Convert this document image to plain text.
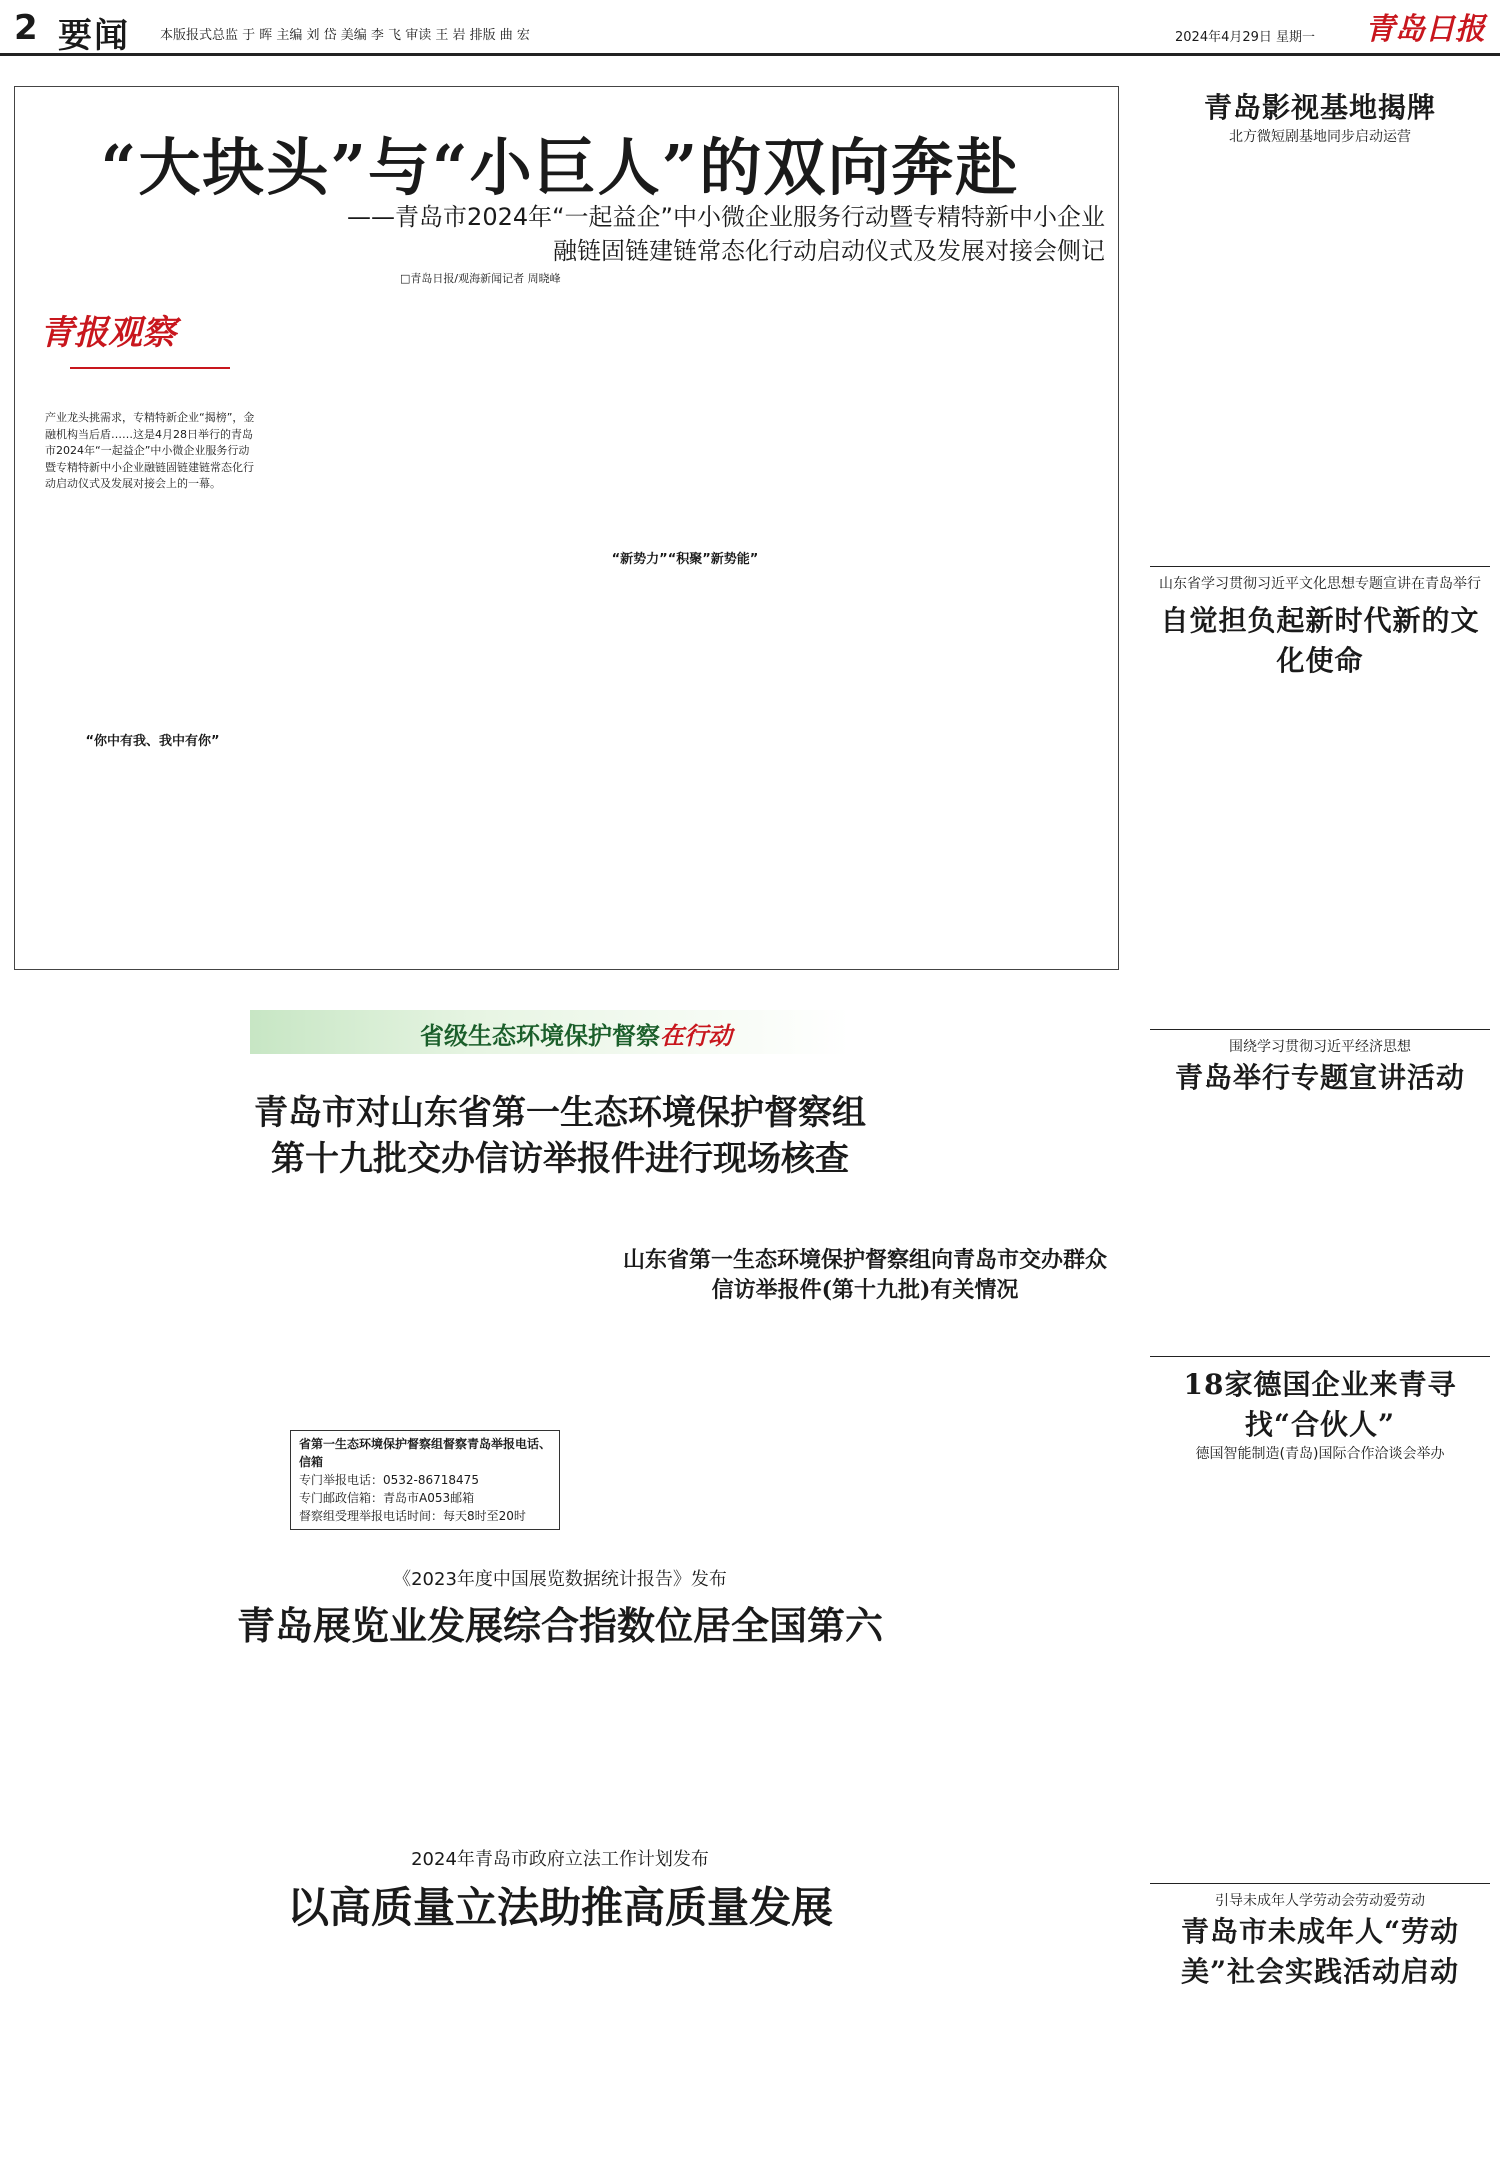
2 要闻 本版报式总监 于 晖 主编 刘 岱 美编 李 飞 审读 王 岩 排版 曲 宏	2024年4月29日 星期一 青岛日报
“大块头”与“小巨人”的双向奔赴
——青岛市2024年“一起益企”中小微企业服务行动暨专精特新中小企业
融链固链建链常态化行动启动仪式及发展对接会侧记
□青岛日报/观海新闻记者 周晓峰
青报观察
产业龙头挑需求，专精特新企业“揭榜”，金融机构当后盾……这是4月28日举行的青岛市2024年“一起益企”中小微企业服务行动暨专精特新中小企业融链固链建链常态化行动启动仪式及发展对接会上的一幕。
“你中有我、我中有你”
“新势力”“积聚”新势能”
青岛影视基地揭牌
北方微短剧基地同步启动运营
山东省学习贯彻习近平文化思想专题宣讲在青岛举行
自觉担负起新时代新的文化使命
围绕学习贯彻习近平经济思想
青岛举行专题宣讲活动
18家德国企业来青寻找“合伙人”
德国智能制造(青岛)国际合作洽谈会举办
引导未成年人学劳动会劳动爱劳动
青岛市未成年人“劳动美”社会实践活动启动
省级生态环境保护督察在行动
青岛市对山东省第一生态环境保护督察组
第十九批交办信访举报件进行现场核查
山东省第一生态环境保护督察组向青岛市交办群众信访举报件(第十九批)有关情况
省第一生态环境保护督察组督察青岛举报电话、信箱
专门举报电话：0532-86718475
专门邮政信箱：青岛市A053邮箱
督察组受理举报电话时间：每天8时至20时
《2023年度中国展览数据统计报告》发布
青岛展览业发展综合指数位居全国第六
2024年青岛市政府立法工作计划发布
以高质量立法助推高质量发展
